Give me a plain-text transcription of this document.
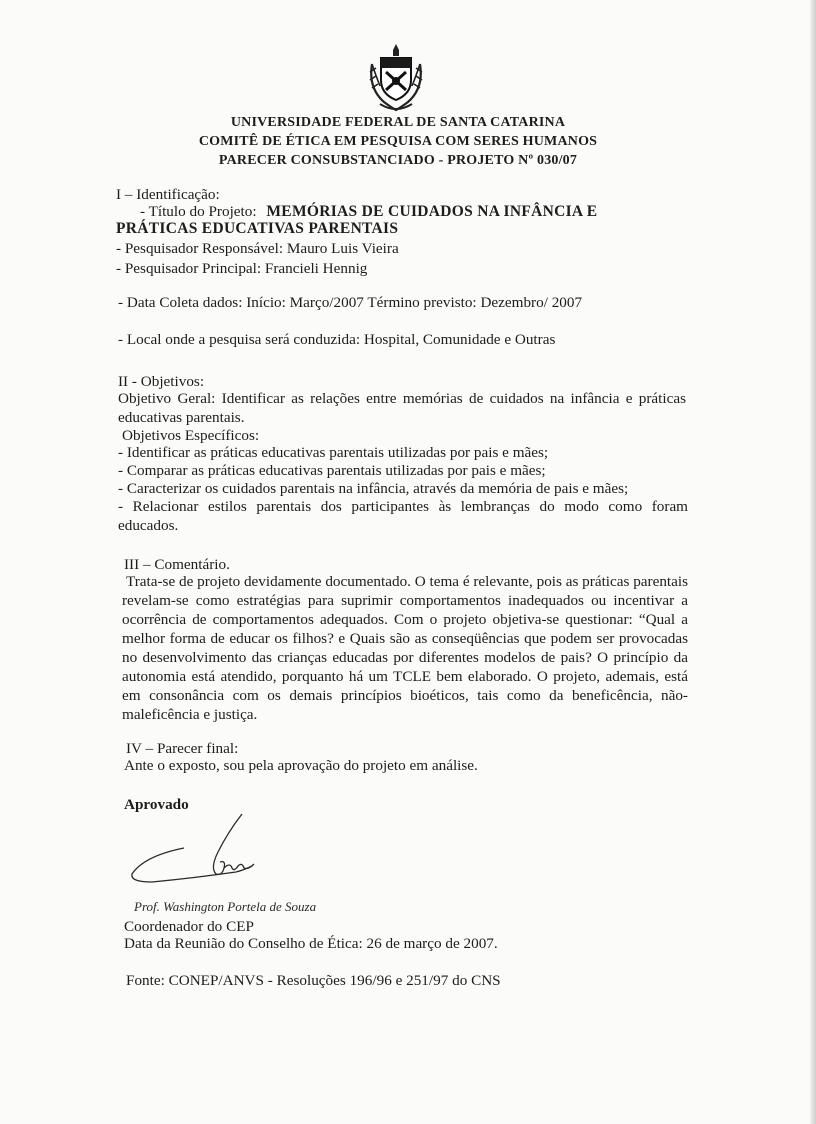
UNIVERSIDADE FEDERAL DE SANTA CATARINA
COMITÊ DE ÉTICA EM PESQUISA COM SERES HUMANOS
PARECER CONSUBSTANCIADO - PROJETO Nº 030/07
I – Identificação:
- Título do Projeto: MEMÓRIAS DE CUIDADOS NA INFÂNCIA E
PRÁTICAS EDUCATIVAS PARENTAIS
- Pesquisador Responsável: Mauro Luis Vieira
- Pesquisador Principal: Francieli Hennig
- Data Coleta dados: Início: Março/2007 Término previsto: Dezembro/ 2007
- Local onde a pesquisa será conduzida: Hospital, Comunidade e Outras
II - Objetivos:
Objetivo Geral: Identificar as relações entre memórias de cuidados na infância e práticas educativas parentais.
Objetivos Específicos:
- Identificar as práticas educativas parentais utilizadas por pais e mães;
- Comparar as práticas educativas parentais utilizadas por pais e mães;
- Caracterizar os cuidados parentais na infância, através da memória de pais e mães;
- Relacionar estilos parentais dos participantes às lembranças do modo como foram educados.
III – Comentário.
Trata-se de projeto devidamente documentado. O tema é relevante, pois as práticas parentais revelam-se como estratégias para suprimir comportamentos inadequados ou incentivar a ocorrência de comportamentos adequados. Com o projeto objetiva-se questionar: “Qual a melhor forma de educar os filhos? e Quais são as conseqüências que podem ser provocadas no desenvolvimento das crianças educadas por diferentes modelos de pais? O princípio da autonomia está atendido, porquanto há um TCLE bem elaborado. O projeto, ademais, está em consonância com os demais princípios bioéticos, tais como da beneficência, não-maleficência e justiça.
IV – Parecer final:
Ante o exposto, sou pela aprovação do projeto em análise.
Aprovado
Prof. Washington Portela de Souza
Coordenador do CEP
Data da Reunião do Conselho de Ética: 26 de março de 2007.
Fonte: CONEP/ANVS - Resoluções 196/96 e 251/97 do CNS
